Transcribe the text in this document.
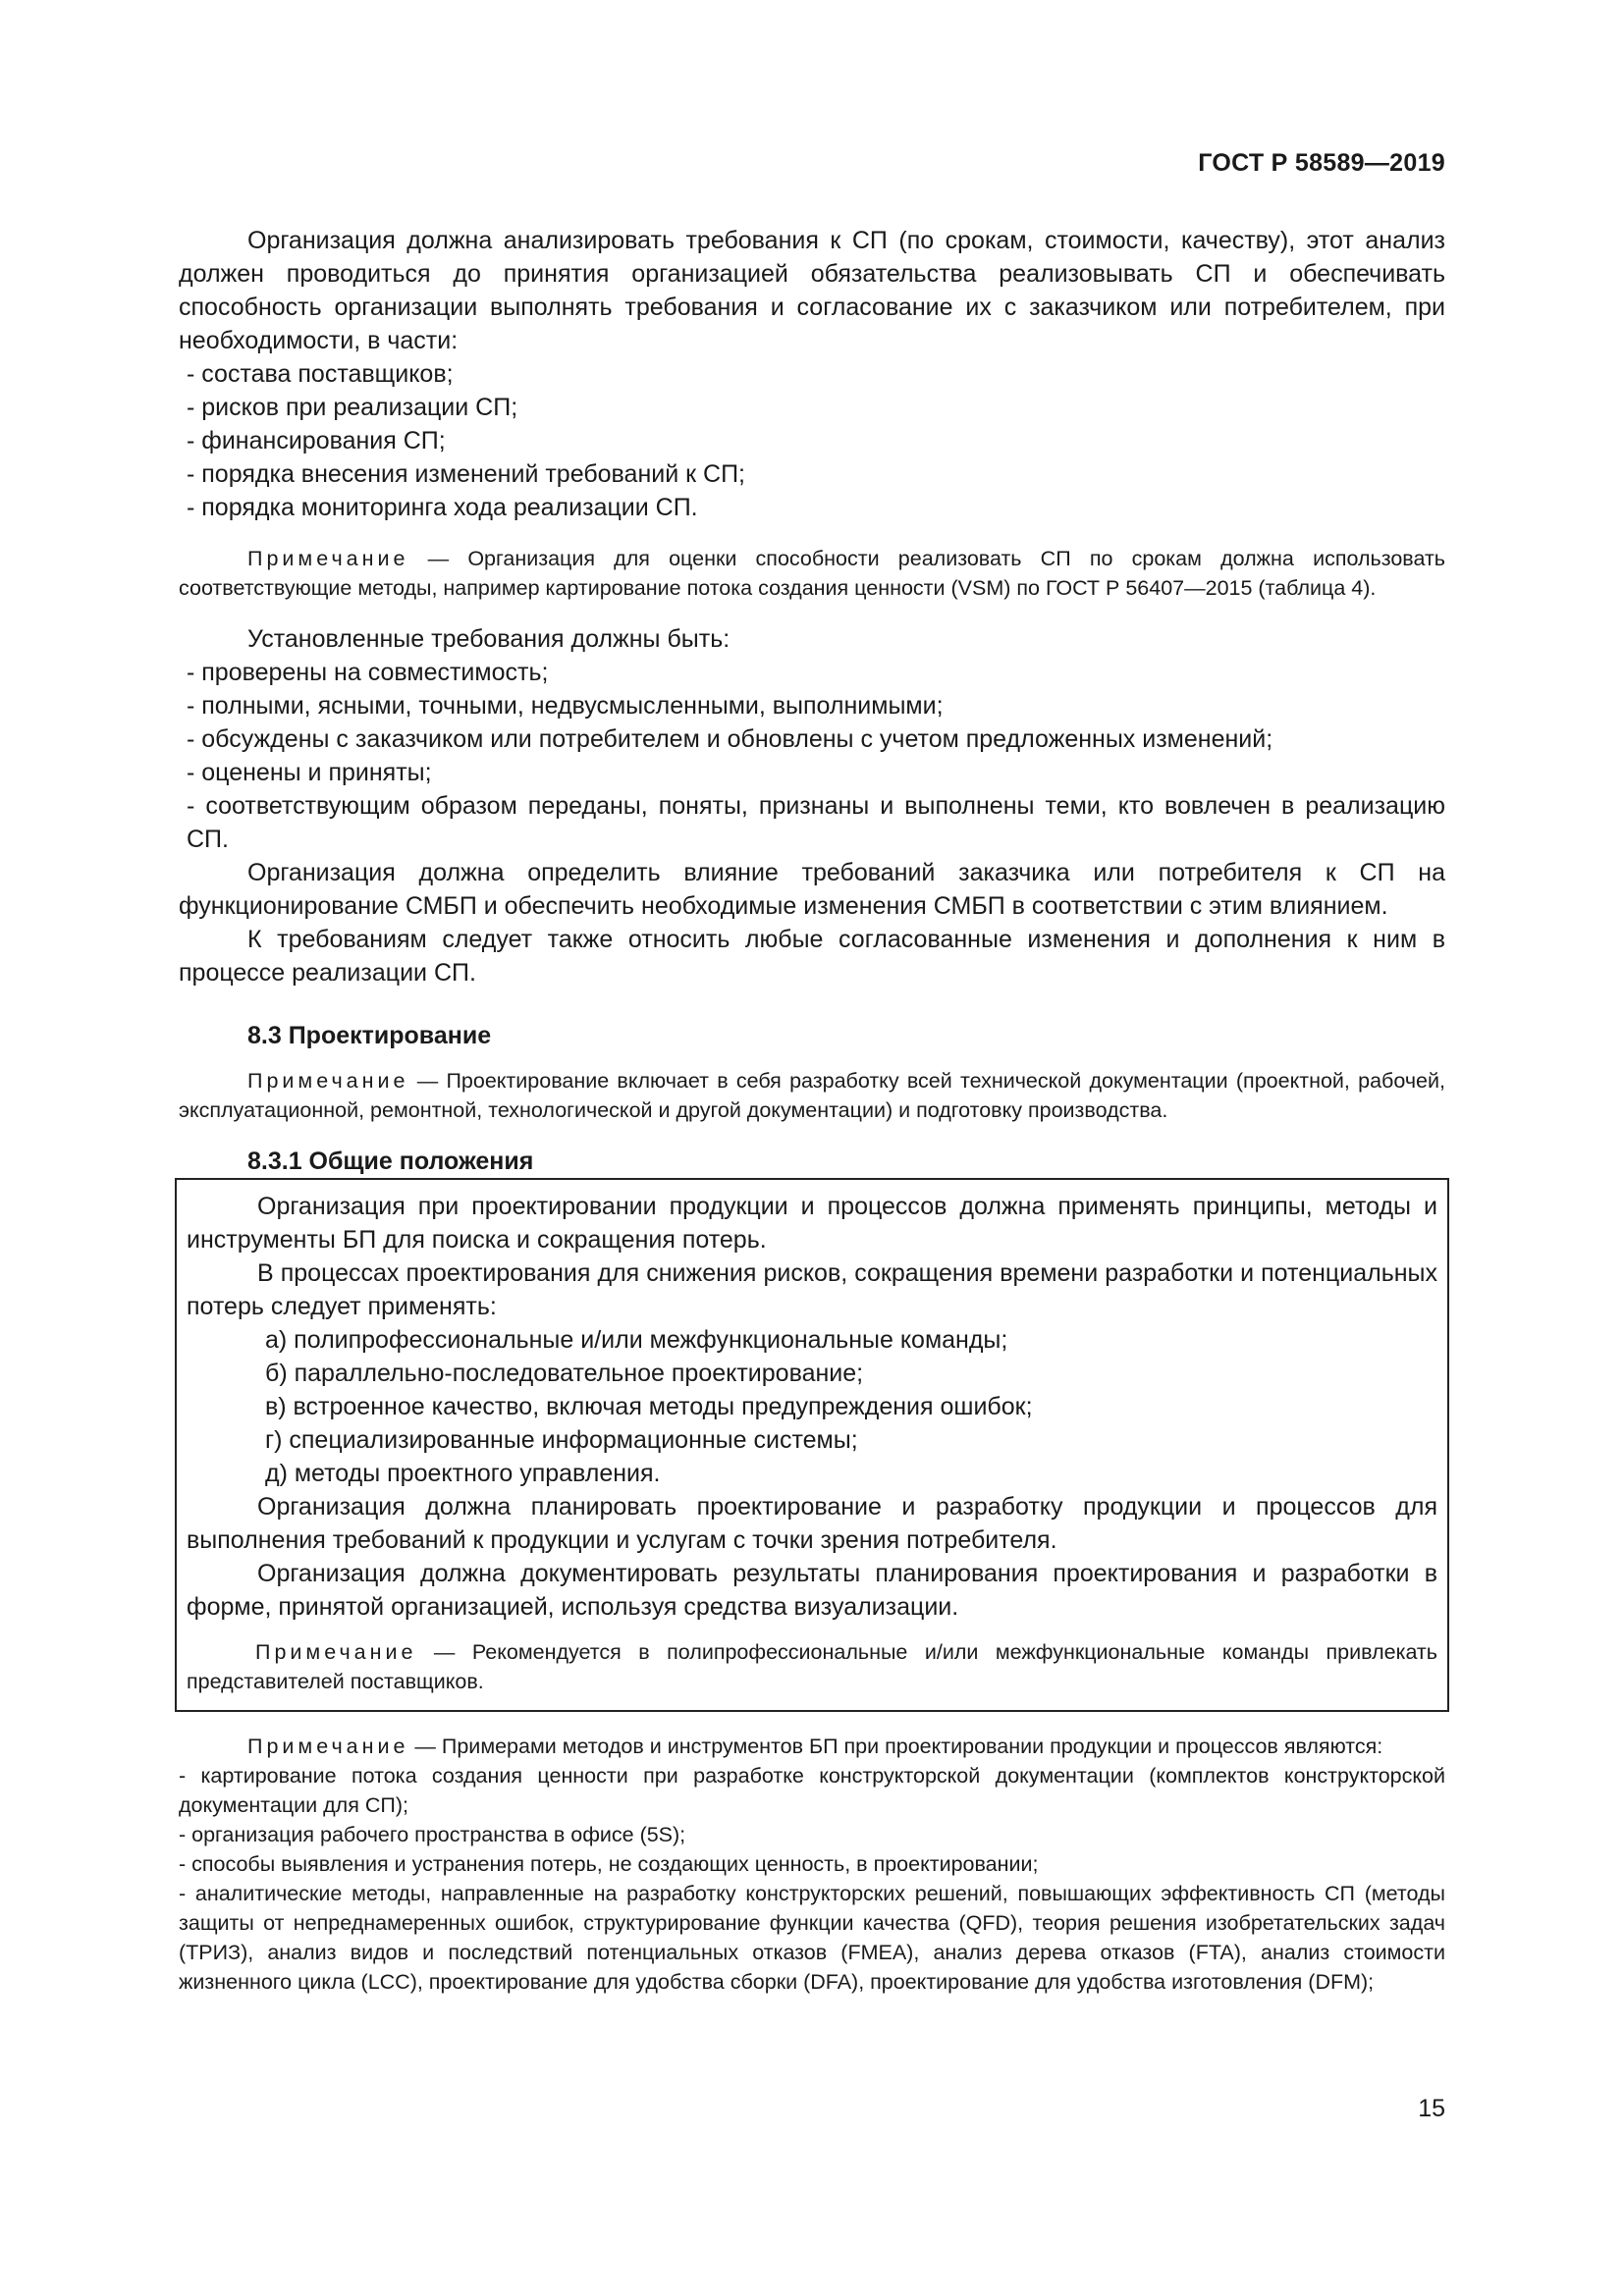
ГОСТ Р 58589—2019

Организация должна анализировать требования к СП (по срокам, стоимости, качеству), этот анализ должен проводиться до принятия организацией обязательства реализовывать СП и обеспечивать способность организации выполнять требования и согласование их с заказчиком или потребителем, при необходимости, в части:

- состава поставщиков;

- рисков при реализации СП;

- финансирования СП;

- порядка внесения изменений требований к СП;

- порядка мониторинга хода реализации СП.

Примечание — Организация для оценки способности реализовать СП по срокам должна использовать соответствующие методы, например картирование потока создания ценности (VSM) по ГОСТ Р 56407—2015 (таблица 4).

Установленные требования должны быть:

- проверены на совместимость;

- полными, ясными, точными, недвусмысленными, выполнимыми;

- обсуждены с заказчиком или потребителем и обновлены с учетом предложенных изменений;

- оценены и приняты;

- соответствующим образом переданы, поняты, признаны и выполнены теми, кто вовлечен в реализацию СП.

Организация должна определить влияние требований заказчика или потребителя к СП на функционирование СМБП и обеспечить необходимые изменения СМБП в соответствии с этим влиянием.

К требованиям следует также относить любые согласованные изменения и дополнения к ним в процессе реализации СП.

8.3 Проектирование

Примечание — Проектирование включает в себя разработку всей технической документации (проектной, рабочей, эксплуатационной, ремонтной, технологической и другой документации) и подготовку производства.

8.3.1 Общие положения

Организация при проектировании продукции и процессов должна применять принципы, методы и инструменты БП для поиска и сокращения потерь.

В процессах проектирования для снижения рисков, сокращения времени разработки и потенциальных потерь следует применять:

а) полипрофессиональные и/или межфункциональные команды;

б) параллельно-последовательное проектирование;

в) встроенное качество, включая методы предупреждения ошибок;

г) специализированные информационные системы;

д) методы проектного управления.

Организация должна планировать проектирование и разработку продукции и процессов для выполнения требований к продукции и услугам с точки зрения потребителя.

Организация должна документировать результаты планирования проектирования и разработки в форме, принятой организацией, используя средства визуализации.

Примечание — Рекомендуется в полипрофессиональные и/или межфункциональные команды привлекать представителей поставщиков.

Примечание — Примерами методов и инструментов БП при проектировании продукции и процессов являются:

- картирование потока создания ценности при разработке конструкторской документации (комплектов конструкторской документации для СП);

- организация рабочего пространства в офисе (5S);

- способы выявления и устранения потерь, не создающих ценность, в проектировании;

- аналитические методы, направленные на разработку конструкторских решений, повышающих эффективность СП (методы защиты от непреднамеренных ошибок, структурирование функции качества (QFD), теория решения изобретательских задач (ТРИЗ), анализ видов и последствий потенциальных отказов (FMEA), анализ дерева отказов (FTA), анализ стоимости жизненного цикла (LCC), проектирование для удобства сборки (DFA), проектирование для удобства изготовления (DFM);

15
